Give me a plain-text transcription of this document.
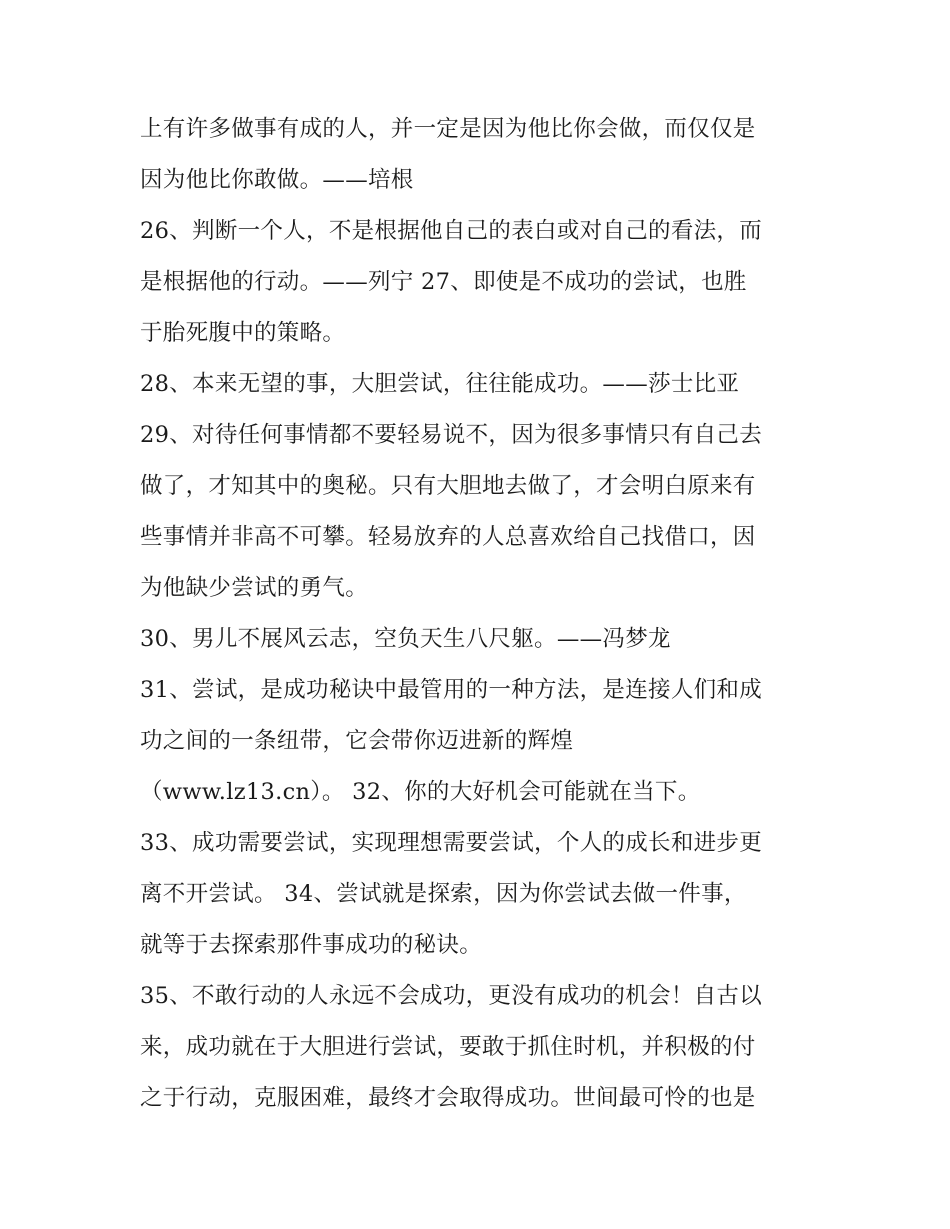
上有许多做事有成的人，并一定是因为他比你会做，而仅仅是
因为他比你敢做。——培根
26、判断一个人，不是根据他自己的表白或对自己的看法，而
是根据他的行动。——列宁 27、即使是不成功的尝试，也胜
于胎死腹中的策略。
28、本来无望的事，大胆尝试，往往能成功。——莎士比亚
29、对待任何事情都不要轻易说不，因为很多事情只有自己去
做了，才知其中的奥秘。只有大胆地去做了，才会明白原来有
些事情并非高不可攀。轻易放弃的人总喜欢给自己找借口，因
为他缺少尝试的勇气。
30、男儿不展风云志，空负天生八尺躯。——冯梦龙
31、尝试，是成功秘诀中最管用的一种方法，是连接人们和成
功之间的一条纽带，它会带你迈进新的辉煌
（www.lz13.cn）。 32、你的大好机会可能就在当下。
33、成功需要尝试，实现理想需要尝试，个人的成长和进步更
离不开尝试。 34、尝试就是探索，因为你尝试去做一件事，
就等于去探索那件事成功的秘诀。
35、不敢行动的人永远不会成功，更没有成功的机会！自古以
来，成功就在于大胆进行尝试，要敢于抓住时机，并积极的付
之于行动，克服困难，最终才会取得成功。世间最可怜的也是
